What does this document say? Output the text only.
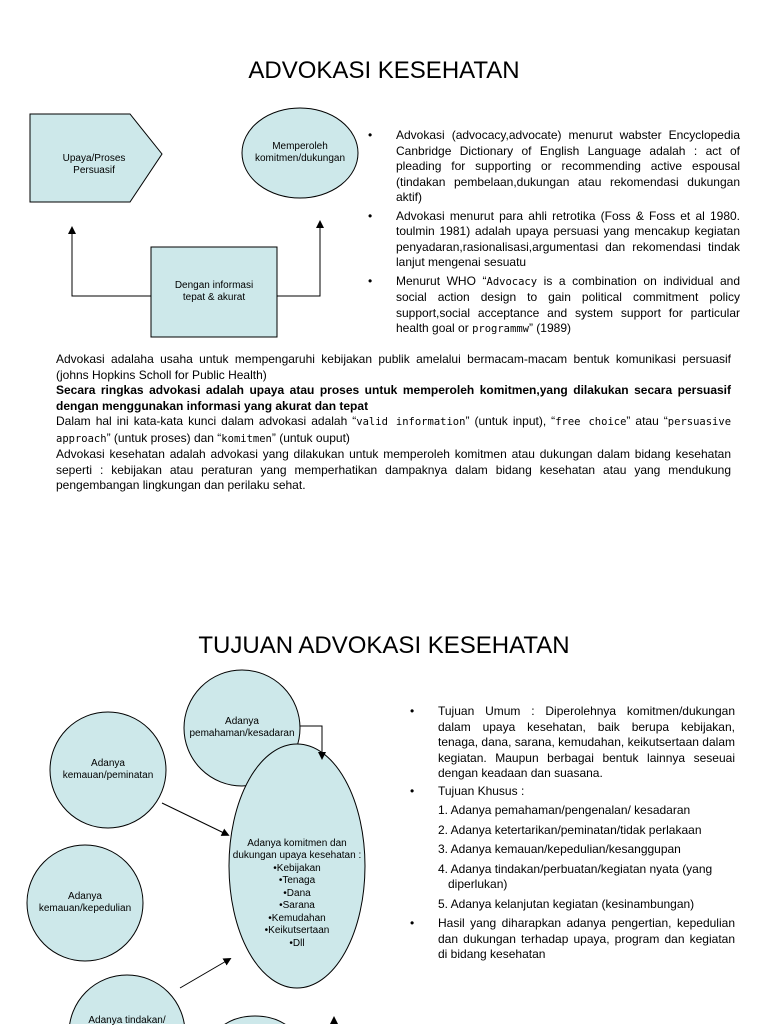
ADVOKASI KESEHATAN
Upaya/Proses
Persuasif
Memperoleh
komitmen/dukungan
Dengan informasi
tepat & akurat
• Advokasi (advocacy,advocate) menurut wabster Encyclopedia Canbridge Dictionary of English Language adalah : act of pleading for supporting or recommending active espousal (tindakan pembelaan,dukungan atau rekomendasi dukungan aktif)
• Advokasi menurut para ahli retrotika (Foss & Foss et al 1980. toulmin 1981) adalah upaya persuasi yang mencakup kegiatan penyadaran,rasionalisasi,argumentasi dan rekomendasi tindak lanjut mengenai sesuatu
• Menurut WHO “Advocacy is a combination on individual and social action design to gain political commitment policy support,social acceptance and system support for particular health goal or programmw” (1989)

Advokasi adalaha usaha untuk mempengaruhi kebijakan publik amelalui bermacam-macam bentuk komunikasi persuasif (johns Hopkins Scholl for Public Health)

Secara ringkas advokasi adalah upaya atau proses untuk memperoleh komitmen,yang dilakukan secara persuasif dengan menggunakan informasi yang akurat dan tepat

Dalam hal ini kata-kata kunci dalam advokasi adalah “valid information” (untuk input), “free choice” atau “persuasive approach” (untuk proses) dan “komitmen” (untuk ouput)

Advokasi kesehatan adalah advokasi yang dilakukan untuk memperoleh komitmen atau dukungan dalam bidang kesehatan seperti : kebijakan atau peraturan yang memperhatikan dampaknya dalam bidang kesehatan atau yang mendukung pengembangan lingkungan dan perilaku sehat.

TUJUAN ADVOKASI KESEHATAN
Adanya
pemahaman/kesadaran
Adanya
kemauan/peminatan
Adanya
kemauan/kepedulian
Adanya tindakan/
Adanya komitmen dan
dukungan upaya kesehatan :
•Kebijakan
•Tenaga
•Dana
•Sarana
•Kemudahan
•Keikutsertaan
•Dll
• Tujuan Umum : Diperolehnya komitmen/dukungan dalam upaya kesehatan, baik berupa kebijakan, tenaga, dana, sarana, kemudahan, keikutsertaan dalam kegiatan. Maupun berbagai bentuk lainnya seseuai dengan keadaan dan suasana.
• Tujuan Khusus :
1. Adanya pemahaman/pengenalan/ kesadaran
2. Adanya ketertarikan/peminatan/tidak perlakaan
3. Adanya kemauan/kepedulian/kesanggupan
4. Adanya tindakan/perbuatan/kegiatan nyata (yang
diperlukan)
5. Adanya kelanjutan kegiatan (kesinambungan)
• Hasil yang diharapkan adanya pengertian, kepedulian dan dukungan terhadap upaya, program dan kegiatan di bidang kesehatan
